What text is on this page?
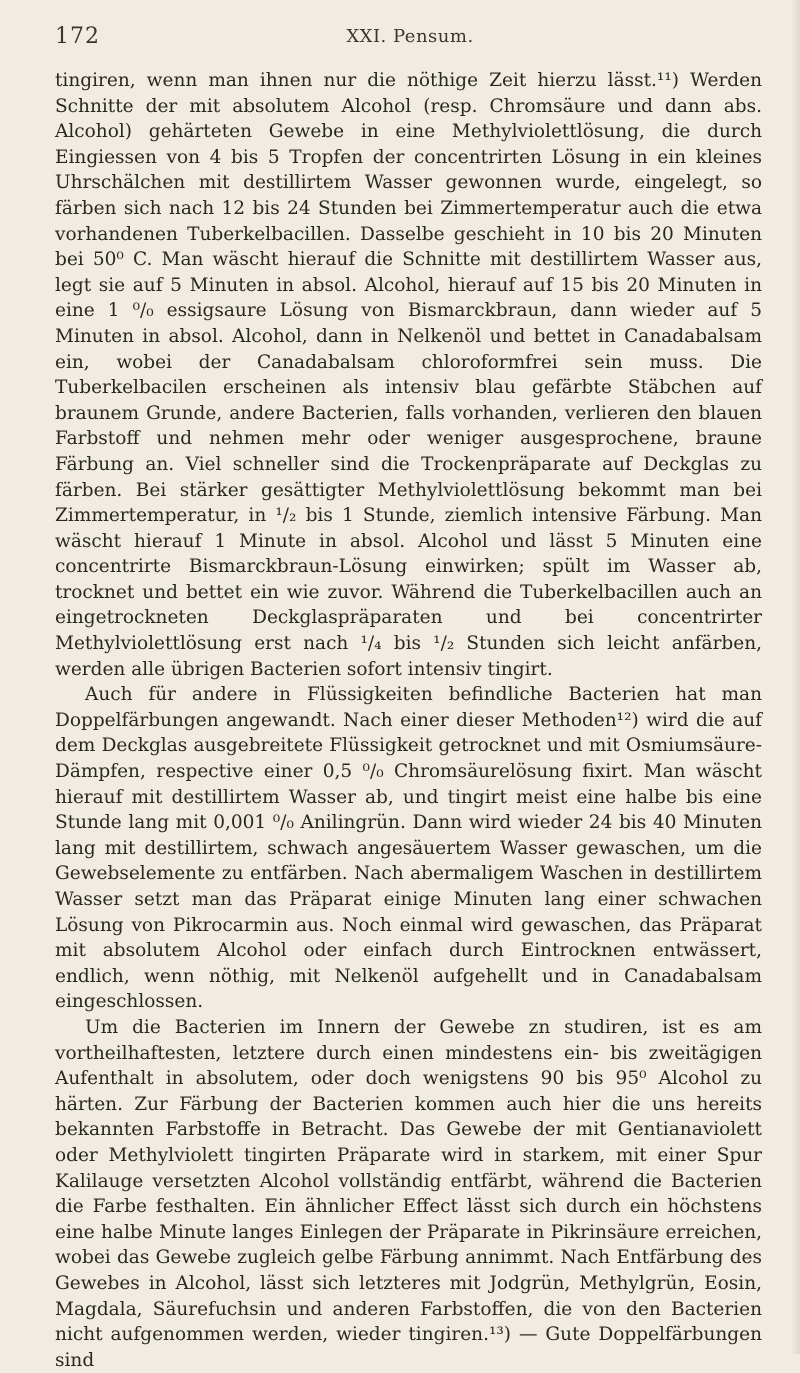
172	XXI. Pensum.

tingiren, wenn man ihnen nur die nöthige Zeit hierzu lässt.¹¹) Werden Schnitte der mit absolutem Alcohol (resp. Chromsäure und dann abs. Alcohol) gehärteten Gewebe in eine Methylviolettlösung, die durch Eingiessen von 4 bis 5 Tropfen der concentrirten Lösung in ein kleines Uhrschälchen mit destillirtem Wasser gewonnen wurde, eingelegt, so färben sich nach 12 bis 24 Stunden bei Zimmertemperatur auch die etwa vorhandenen Tuberkelbacillen. Dasselbe geschieht in 10 bis 20 Minuten bei 50⁰ C. Man wäscht hierauf die Schnitte mit destillirtem Wasser aus, legt sie auf 5 Minuten in absol. Alcohol, hierauf auf 15 bis 20 Minuten in eine 1 ⁰/₀ essigsaure Lösung von Bismarckbraun, dann wieder auf 5 Minuten in absol. Alcohol, dann in Nelkenöl und bettet in Canadabalsam ein, wobei der Canadabalsam chloroformfrei sein muss. Die Tuberkelbacilen erscheinen als intensiv blau gefärbte Stäbchen auf braunem Grunde, andere Bacterien, falls vorhanden, verlieren den blauen Farbstoff und nehmen mehr oder weniger ausgesprochene, braune Färbung an. Viel schneller sind die Trockenpräparate auf Deckglas zu färben. Bei stärker gesättigter Methylviolettlösung bekommt man bei Zimmertemperatur, in ¹/₂ bis 1 Stunde, ziemlich intensive Färbung. Man wäscht hierauf 1 Minute in absol. Alcohol und lässt 5 Minuten eine concentrirte Bismarckbraun-Lösung einwirken; spült im Wasser ab, trocknet und bettet ein wie zuvor. Während die Tuberkelbacillen auch an eingetrockneten Deckglaspräparaten und bei concentrirter Methylviolettlösung erst nach ¹/₄ bis ¹/₂ Stunden sich leicht anfärben, werden alle übrigen Bacterien sofort intensiv tingirt.

Auch für andere in Flüssigkeiten befindliche Bacterien hat man Doppelfärbungen angewandt. Nach einer dieser Methoden¹²) wird die auf dem Deckglas ausgebreitete Flüssigkeit getrocknet und mit Osmiumsäure-Dämpfen, respective einer 0,5 ⁰/₀ Chromsäurelösung fixirt. Man wäscht hierauf mit destillirtem Wasser ab, und tingirt meist eine halbe bis eine Stunde lang mit 0,001 ⁰/₀ Anilingrün. Dann wird wieder 24 bis 40 Minuten lang mit destillirtem, schwach angesäuertem Wasser gewaschen, um die Gewebselemente zu entfärben. Nach abermaligem Waschen in destillirtem Wasser setzt man das Präparat einige Minuten lang einer schwachen Lösung von Pikrocarmin aus. Noch einmal wird gewaschen, das Präparat mit absolutem Alcohol oder einfach durch Eintrocknen entwässert, endlich, wenn nöthig, mit Nelkenöl aufgehellt und in Canadabalsam eingeschlossen.

Um die Bacterien im Innern der Gewebe zn studiren, ist es am vortheilhaftesten, letztere durch einen mindestens ein- bis zweitägigen Aufenthalt in absolutem, oder doch wenigstens 90 bis 95⁰ Alcohol zu härten. Zur Färbung der Bacterien kommen auch hier die uns hereits bekannten Farbstoffe in Betracht. Das Gewebe der mit Gentianaviolett oder Methylviolett tingirten Präparate wird in starkem, mit einer Spur Kalilauge versetzten Alcohol vollständig entfärbt, während die Bacterien die Farbe festhalten. Ein ähnlicher Effect lässt sich durch ein höchstens eine halbe Minute langes Einlegen der Präparate in Pikrinsäure erreichen, wobei das Gewebe zugleich gelbe Färbung annimmt. Nach Entfärbung des Gewebes in Alcohol, lässt sich letzteres mit Jodgrün, Methylgrün, Eosin, Magdala, Säurefuchsin und anderen Farbstoffen, die von den Bacterien nicht aufgenommen werden, wieder tingiren.¹³) — Gute Doppelfärbungen sind
